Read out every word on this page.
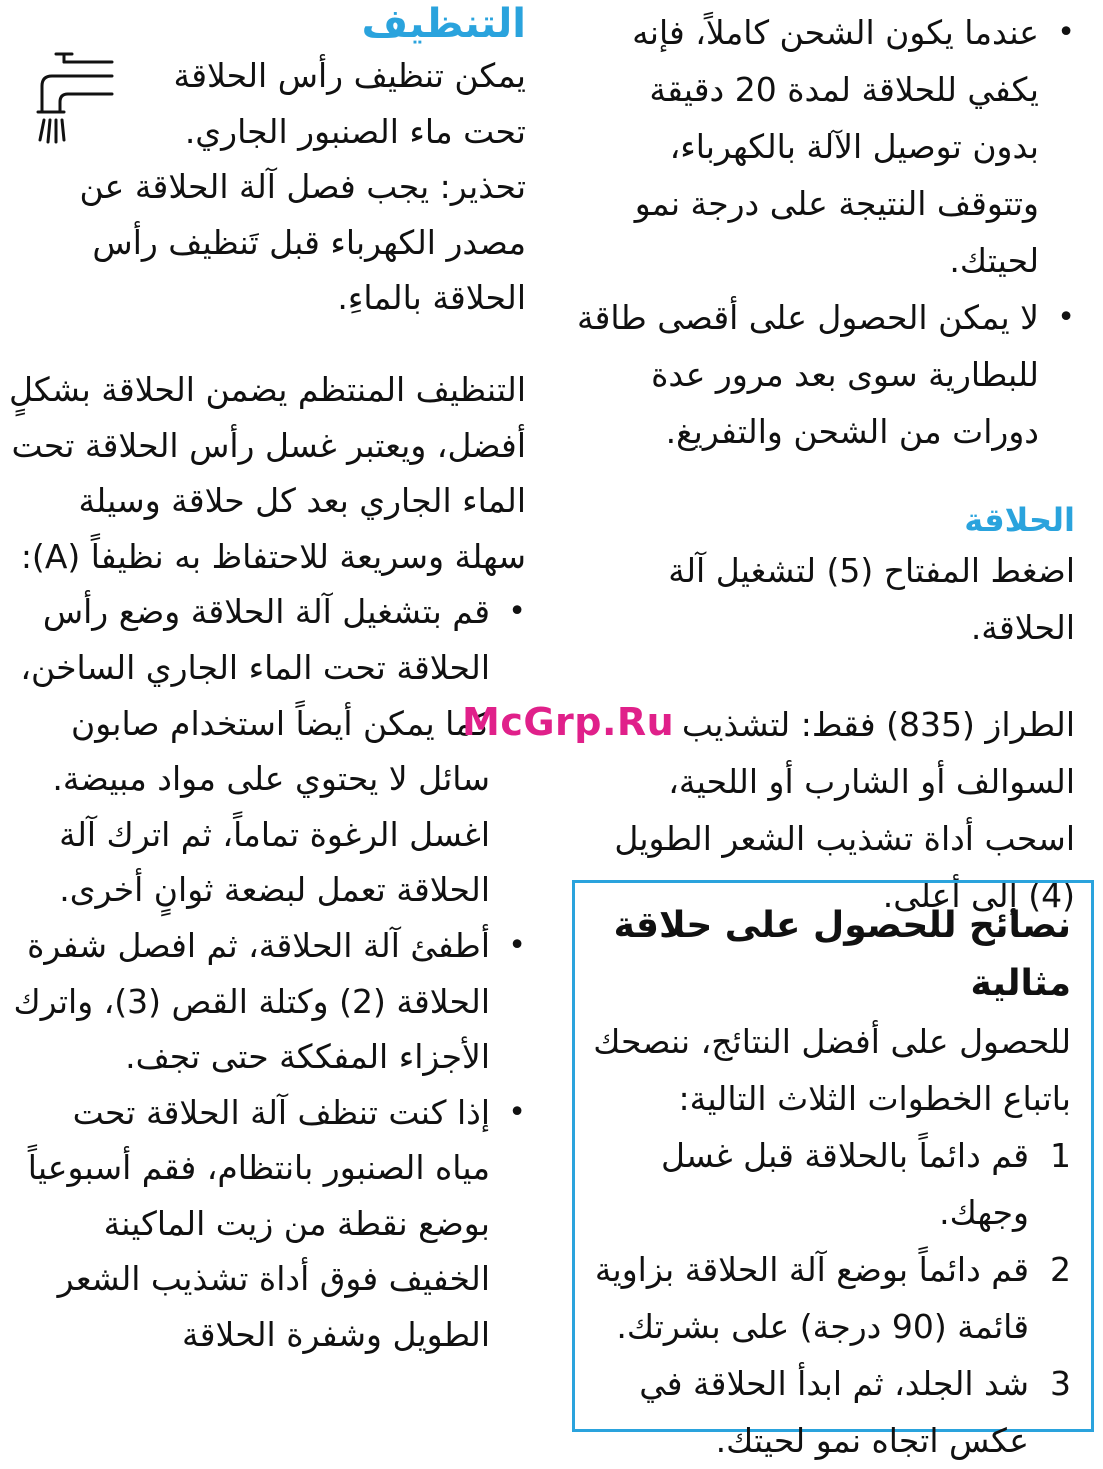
•
عندما يكون الشحن كاملاً، فإنه يكفي للحلاقة لمدة 20 دقيقة بدون توصيل الآلة بالكهرباء، وتتوقف النتيجة على درجة نمو لحيتك.
•
لا يمكن الحصول على أقصى طاقة للبطارية سوى بعد مرور عدة دورات من الشحن والتفريغ.
الحلاقة

اضغط المفتاح (5) لتشغيل آلة الحلاقة.

الطراز (835) فقط: لتشذيب السوالف أو الشارب أو اللحية، اسحب أداة تشذيب الشعر الطويل (4) إلى أعلى.

نصائح للحصول على حلاقة مثالية

للحصول على أفضل النتائج، ننصحك باتباع الخطوات الثلاث التالية:

1
قم دائماً بالحلاقة قبل غسل وجهك.
2
قم دائماً بوضع آلة الحلاقة بزاوية قائمة (90 درجة) على بشرتك.
3
شد الجلد، ثم ابدأ الحلاقة في عكس اتجاه نمو لحيتك.
التنظيف

يمكن تنظيف رأس الحلاقة تحت ماء الصنبور الجاري.

تحذير: يجب فصل آلة الحلاقة عن مصدر الكهرباء قبل تَنظيف رأس الحلاقة بالماءِ.

التنظيف المنتظم يضمن الحلاقة بشكلٍ أفضل، ويعتبر غسل رأس الحلاقة تحت الماء الجاري بعد كل حلاقة وسيلة سهلة وسريعة للاحتفاظ به نظيفاً (A):

•
قم بتشغيل آلة الحلاقة وضع رأس الحلاقة تحت الماء الجاري الساخن، كما يمكن أيضاً استخدام صابون سائل لا يحتوي على مواد مبيضة. اغسل الرغوة تماماً، ثم اترك آلة الحلاقة تعمل لبضعة ثوانٍ أخرى.
•
أطفئ آلة الحلاقة، ثم افصل شفرة الحلاقة (2) وكتلة القص (3)، واترك الأجزاء المفككة حتى تجف.
•
إذا كنت تنظف آلة الحلاقة تحت مياه الصنبور بانتظام، فقم أسبوعياً بوضع نقطة من زيت الماكينة الخفيف فوق أداة تشذيب الشعر الطويل وشفرة الحلاقة
McGrp.Ru
